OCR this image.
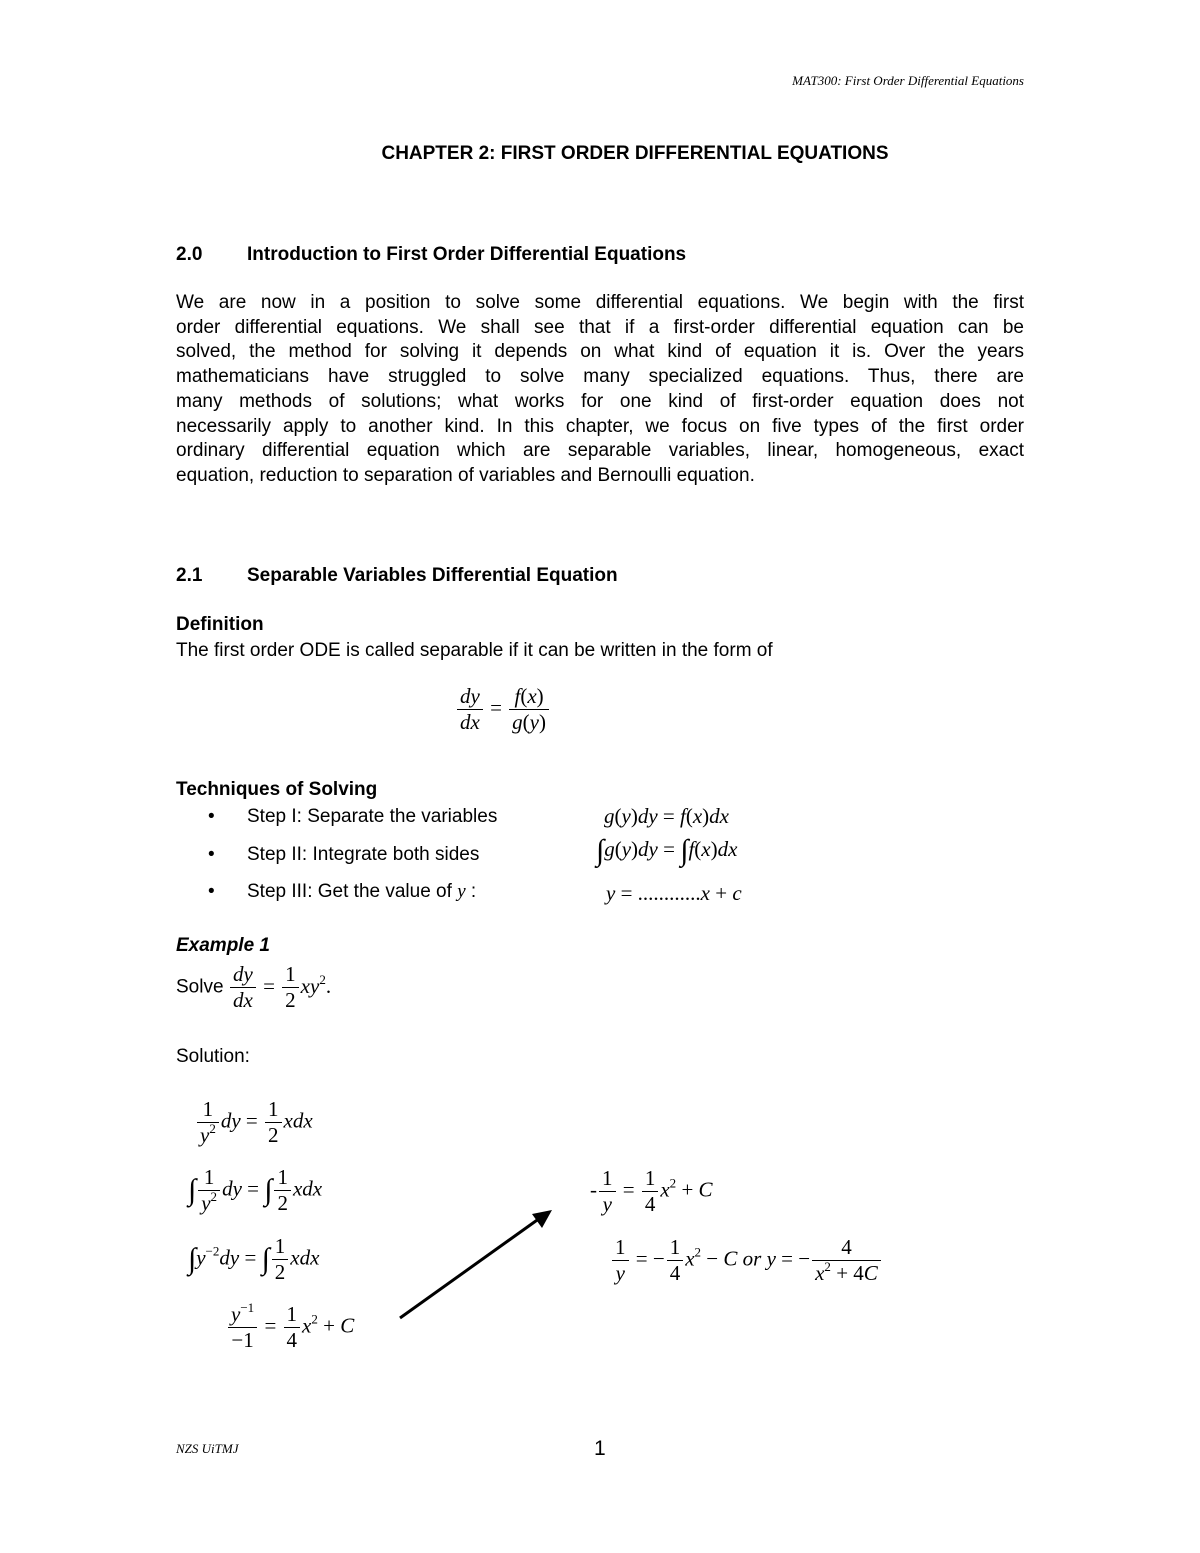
MAT300: First Order Differential Equations
CHAPTER 2: FIRST ORDER DIFFERENTIAL EQUATIONS
2.0 Introduction to First Order Differential Equations
We are now in a position to solve some differential equations. We begin with the first
order differential equations. We shall see that if a first-order differential equation can be
solved, the method for solving it depends on what kind of equation it is. Over the years
mathematicians have struggled to solve many specialized equations. Thus, there are
many methods of solutions; what works for one kind of first-order equation does not
necessarily apply to another kind. In this chapter, we focus on five types of the first order
ordinary differential equation which are separable variables, linear, homogeneous, exact
equation, reduction to separation of variables and Bernoulli equation.
2.1 Separable Variables Differential Equation
Definition
The first order ODE is called separable if it can be written in the form of
$\frac{dy}{dx} = \frac{f(x)}{g(y)}$
Techniques of Solving
• Step I: Separate the variables	g(y)dy = f(x)dx
• Step II: Integrate both sides	∫g(y)dy = ∫f(x)dx
• Step III: Get the value of y :	y = ............x + c
Example 1
Solve $\frac{dy}{dx} = \frac{1}{2} xy^2$.
Solution:
$\frac{1}{y^2}$ dy = $\frac{1}{2}$ xdx
∫ $\frac{1}{y^2}$ dy = ∫ $\frac{1}{2}$ xdx
$\int y^{-2}dy$ = ∫ $\frac{1}{2}$ xdx
$\frac{y^{-1}}{-1} = \frac{1}{4} x^2 + C$
- $\frac{1}{y} = \frac{1}{4} x^2 + C$
$\frac{1}{y}$ = − $\frac{1}{4} x^2 - C$ or y = − $\frac{4}{x^2 + 4C}$
NZS UiTMJ	1
